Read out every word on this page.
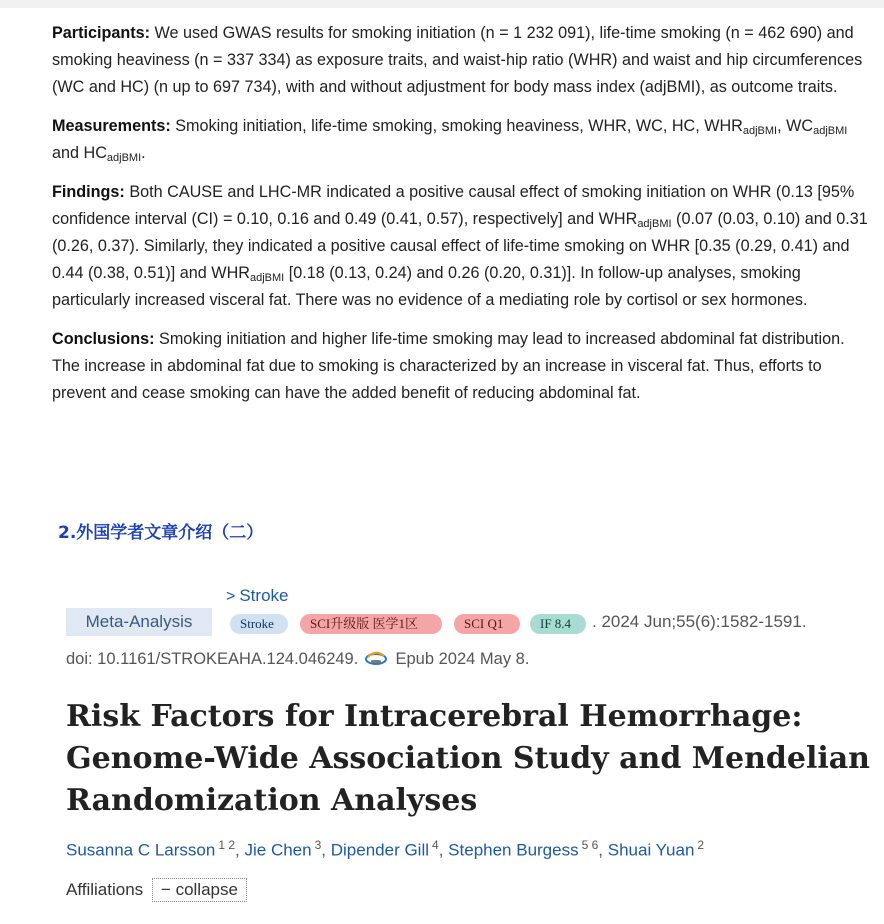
Participants: We used GWAS results for smoking initiation (n = 1 232 091), life-time smoking (n = 462 690) and smoking heaviness (n = 337 334) as exposure traits, and waist-hip ratio (WHR) and waist and hip circumferences (WC and HC) (n up to 697 734), with and without adjustment for body mass index (adjBMI), as outcome traits.

Measurements: Smoking initiation, life-time smoking, smoking heaviness, WHR, WC, HC, $WHR_{adjBMI}$, $WC_{adjBMI}$ and $HC_{adjBMI}$.

Findings: Both CAUSE and LHC-MR indicated a positive causal effect of smoking initiation on WHR (0.13 [95% confidence interval (CI) = 0.10, 0.16 and 0.49 (0.41, 0.57), respectively] and $WHR_{adjBMI}$ (0.07 (0.03, 0.10) and 0.31 (0.26, 0.37). Similarly, they indicated a positive causal effect of life-time smoking on WHR [0.35 (0.29, 0.41) and 0.44 (0.38, 0.51)] and $WHR_{adjBMI}$ [0.18 (0.13, 0.24) and 0.26 (0.20, 0.31)]. In follow-up analyses, smoking particularly increased visceral fat. There was no evidence of a mediating role by cortisol or sex hormones.

Conclusions: Smoking initiation and higher life-time smoking may lead to increased abdominal fat distribution. The increase in abdominal fat due to smoking is characterized by an increase in visceral fat. Thus, efforts to prevent and cease smoking can have the added benefit of reducing abdominal fat.

2.外国学者文章介绍（二）
> Stroke
Meta-Analysis	Stroke	SCI升级版 医学1区	SCI Q1	IF 8.4	. 2024 Jun;55(6):1582-1591.
doi: 10.1161/STROKEAHA.124.046249. Epub 2024 May 8.
Risk Factors for Intracerebral Hemorrhage: Genome-Wide Association Study and Mendelian Randomization Analyses
Susanna C Larsson $^{1 2}$, Jie Chen $^3$, Dipender Gill $^4$, Stephen Burgess $^{5 6}$, Shuai Yuan $^2$
Affiliations − collapse
